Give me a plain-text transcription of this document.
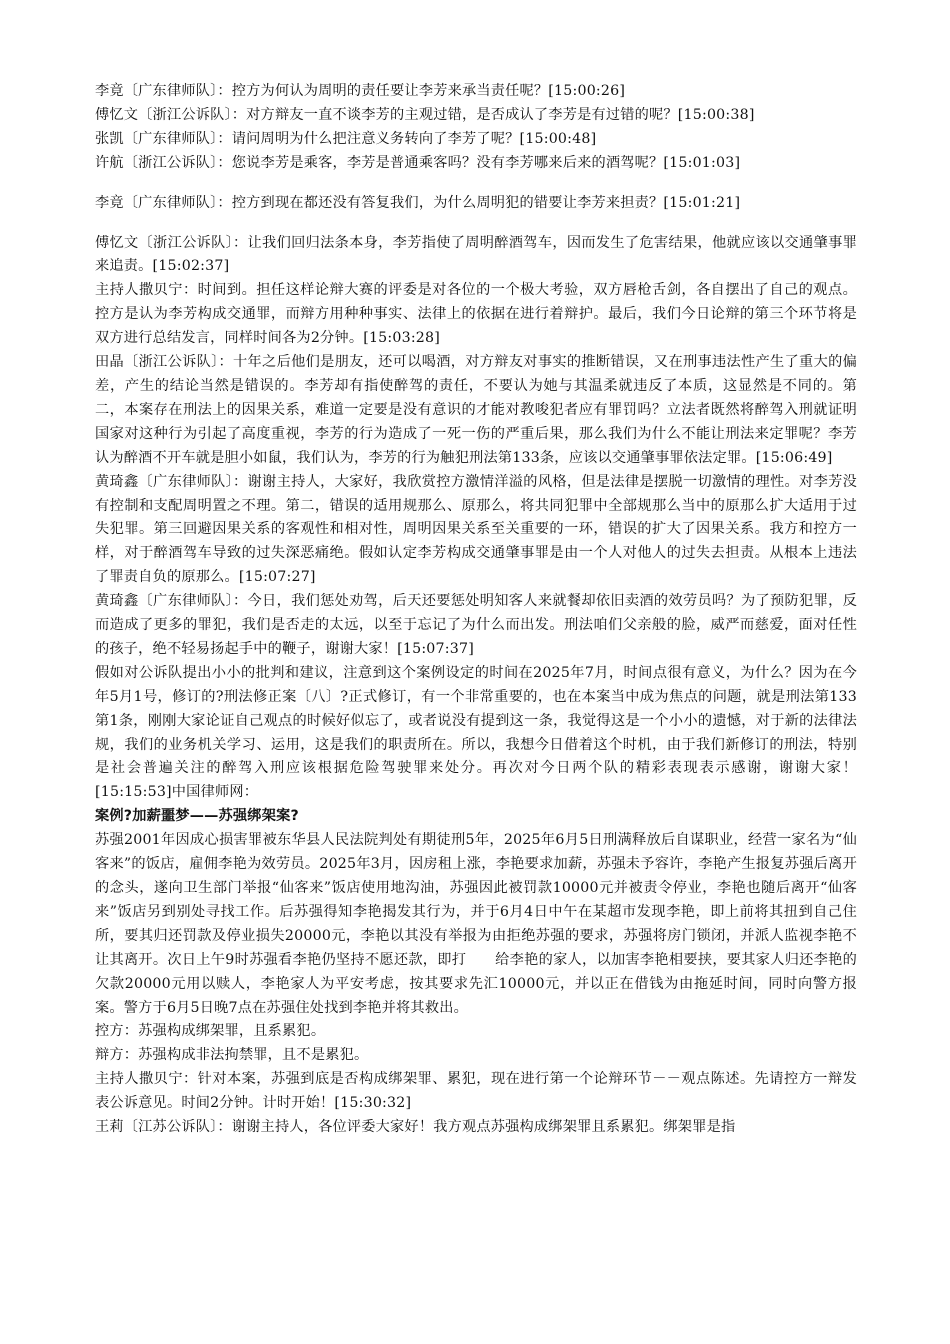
李竟〔广东律师队〕：控方为何认为周明的责任要让李芳来承当责任呢？[15:00:26]

傅忆文〔浙江公诉队〕：对方辩友一直不谈李芳的主观过错，是否成认了李芳是有过错的呢？[15:00:38]

张凯〔广东律师队〕：请问周明为什么把注意义务转向了李芳了呢？[15:00:48]

许航〔浙江公诉队〕：您说李芳是乘客，李芳是普通乘客吗？没有李芳哪来后来的酒驾呢？[15:01:03]

李竟〔广东律师队〕：控方到现在都还没有答复我们，为什么周明犯的错要让李芳来担责？[15:01:21]

傅忆文〔浙江公诉队〕：让我们回归法条本身，李芳指使了周明醉酒驾车，因而发生了危害结果，他就应该以交通肇事罪来追责。[15:02:37]

主持人撒贝宁：时间到。担任这样论辩大赛的评委是对各位的一个极大考验，双方唇枪舌剑，各自摆出了自己的观点。控方是认为李芳构成交通罪，而辩方用种种事实、法律上的依据在进行着辩护。最后，我们今日论辩的第三个环节将是双方进行总结发言，同样时间各为2分钟。[15:03:28]

田晶〔浙江公诉队〕：十年之后他们是朋友，还可以喝酒，对方辩友对事实的推断错误，又在刑事违法性产生了重大的偏差，产生的结论当然是错误的。李芳却有指使醉驾的责任，不要认为她与其温柔就违反了本质，这显然是不同的。第二，本案存在刑法上的因果关系，难道一定要是没有意识的才能对教唆犯者应有罪罚吗？立法者既然将醉驾入刑就证明国家对这种行为引起了高度重视，李芳的行为造成了一死一伤的严重后果，那么我们为什么不能让刑法来定罪呢？李芳认为醉酒不开车就是胆小如鼠，我们认为，李芳的行为触犯刑法第133条，应该以交通肇事罪依法定罪。[15:06:49]

黄琦鑫〔广东律师队〕：谢谢主持人，大家好，我欣赏控方激情洋溢的风格，但是法律是摆脱一切激情的理性。对李芳没有控制和支配周明置之不理。第二，错误的适用规那么、原那么，将共同犯罪中全部规那么当中的原那么扩大适用于过失犯罪。第三回避因果关系的客观性和相对性，周明因果关系至关重要的一环，错误的扩大了因果关系。我方和控方一样，对于醉酒驾车导致的过失深恶痛绝。假如认定李芳构成交通肇事罪是由一个人对他人的过失去担责。从根本上违法了罪责自负的原那么。[15:07:27]

黄琦鑫〔广东律师队〕：今日，我们惩处劝驾，后天还要惩处明知客人来就餐却依旧卖酒的效劳员吗？为了预防犯罪，反而造成了更多的罪犯，我们是否走的太远，以至于忘记了为什么而出发。刑法咱们父亲般的脸，威严而慈爱，面对任性的孩子，绝不轻易扬起手中的鞭子，谢谢大家！[15:07:37]

假如对公诉队提出小小的批判和建议，注意到这个案例设定的时间在2025年7月，时间点很有意义，为什么？因为在今年5月1号，修订的?刑法修正案〔八〕?正式修订，有一个非常重要的，也在本案当中成为焦点的问题，就是刑法第133第1条，刚刚大家论证自己观点的时候好似忘了，或者说没有提到这一条，我觉得这是一个小小的遗憾，对于新的法律法规，我们的业务机关学习、运用，这是我们的职责所在。所以，我想今日借着这个时机，由于我们新修订的刑法，特别是社会普遍关注的醉驾入刑应该根据危险驾驶罪来处分。再次对今日两个队的精彩表现表示感谢，谢谢大家！[15:15:53]中国律师网：

案例?加薪噩梦——苏强绑架案?

苏强2001年因成心损害罪被东华县人民法院判处有期徒刑5年，2025年6月5日刑满释放后自谋职业，经营一家名为“仙客来”的饭店，雇佣李艳为效劳员。2025年3月，因房租上涨，李艳要求加薪，苏强未予容许，李艳产生报复苏强后离开的念头，遂向卫生部门举报“仙客来”饭店使用地沟油，苏强因此被罚款10000元并被责令停业，李艳也随后离开“仙客来”饭店另到别处寻找工作。后苏强得知李艳揭发其行为，并于6月4日中午在某超市发现李艳，即上前将其扭到自己住所，要其归还罚款及停业损失20000元，李艳以其没有举报为由拒绝苏强的要求，苏强将房门锁闭，并派人监视李艳不让其离开。次日上午9时苏强看李艳仍坚持不愿还款，即打　　给李艳的家人，以加害李艳相要挟，要其家人归还李艳的欠款20000元用以赎人，李艳家人为平安考虑，按其要求先汇10000元，并以正在借钱为由拖延时间，同时向警方报案。警方于6月5日晚7点在苏强住处找到李艳并将其救出。

控方：苏强构成绑架罪，且系累犯。

辩方：苏强构成非法拘禁罪，且不是累犯。

主持人撒贝宁：针对本案，苏强到底是否构成绑架罪、累犯，现在进行第一个论辩环节－－观点陈述。先请控方一辩发表公诉意见。时间2分钟。计时开始！[15:30:32]

王莉〔江苏公诉队〕：谢谢主持人，各位评委大家好！我方观点苏强构成绑架罪且系累犯。绑架罪是指
